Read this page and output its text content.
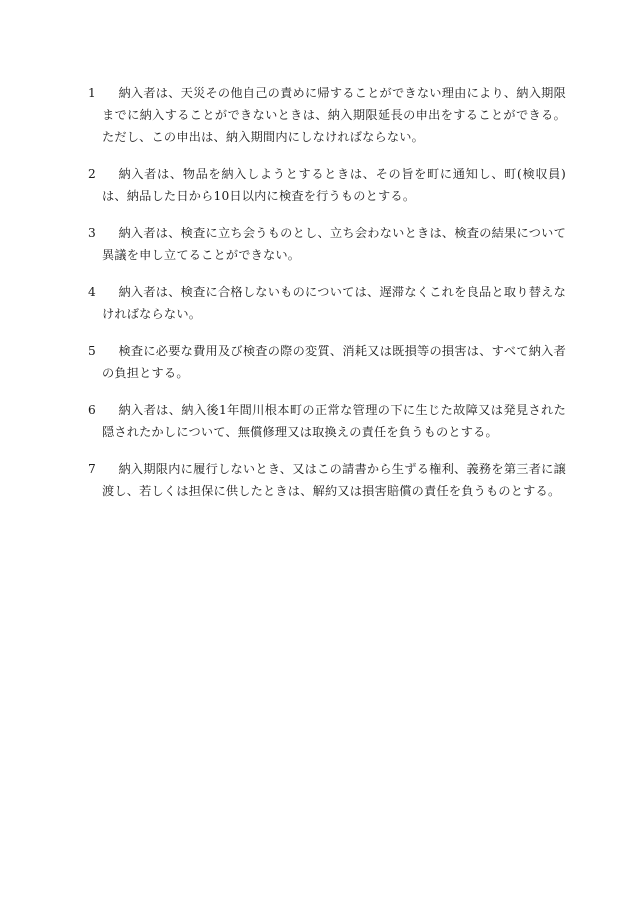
1	納入者は、天災その他自己の責めに帰することができない理由により、納入期限までに納入することができないときは、納入期限延長の申出をすることができる。ただし、この申出は、納入期間内にしなければならない。
2	納入者は、物品を納入しようとするときは、その旨を町に通知し、町(検収員)は、納品した日から10日以内に検査を行うものとする。
3	納入者は、検査に立ち会うものとし、立ち会わないときは、検査の結果について異議を申し立てることができない。
4	納入者は、検査に合格しないものについては、遅滞なくこれを良品と取り替えなければならない。
5	検査に必要な費用及び検査の際の変質、消耗又は既損等の損害は、すべて納入者の負担とする。
6	納入者は、納入後1年間川根本町の正常な管理の下に生じた故障又は発見された隠されたかしについて、無償修理又は取換えの責任を負うものとする。
7	納入期限内に履行しないとき、又はこの請書から生ずる権利、義務を第三者に譲渡し、若しくは担保に供したときは、解約又は損害賠償の責任を負うものとする。
